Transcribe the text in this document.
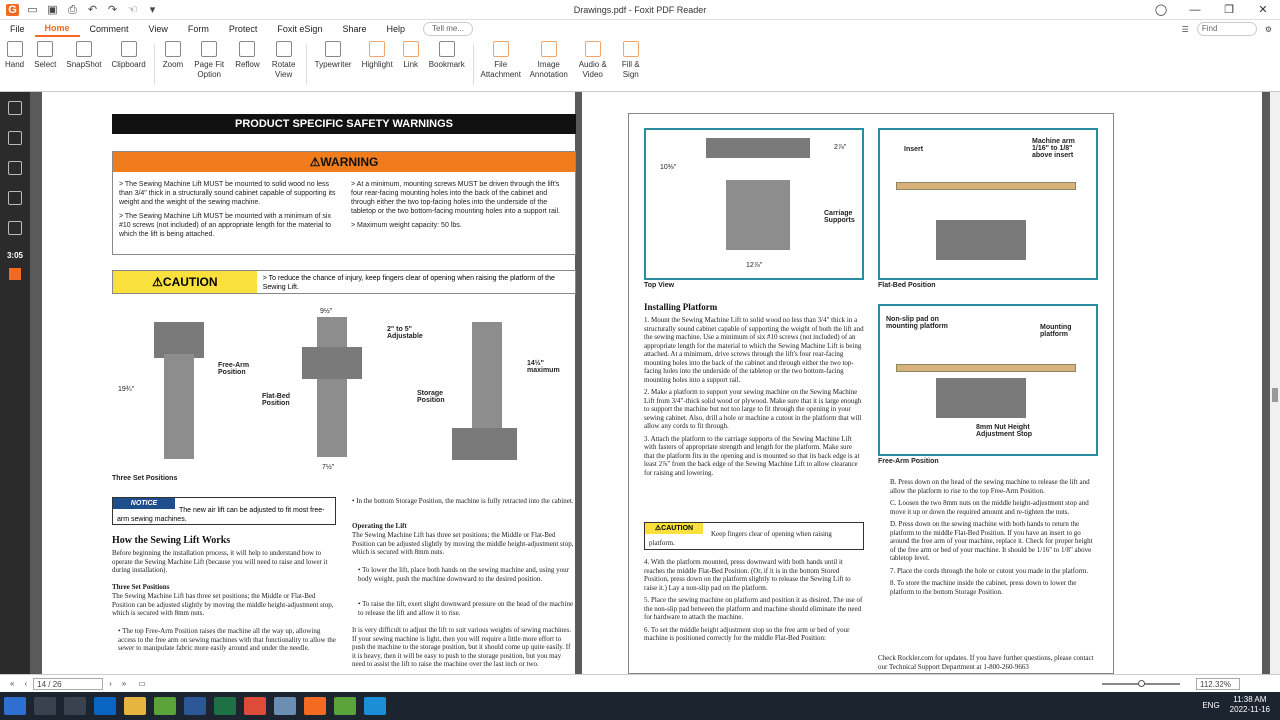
G ▭ ▣ ⎙ ↶ ↷ ☜	▾	Drawings.pdf - Foxit PDF Reader	◯	—	❐	✕
File	Home	Comment	View	Form	Protect	Foxit eSign	Share	Help	Tell me...	☰	Find	⚙
Hand Select SnapShot Clipboard Zoom Page Fit Option
Reflow Rotate View
Typewriter Highlight Link Bookmark	File Attachment
Image Annotation
Audio & Video
Fill & Sign
3:05
PRODUCT SPECIFIC SAFETY WARNINGS
⚠WARNING

> The Sewing Machine Lift MUST be mounted to solid wood no less than 3/4" thick in a structurally sound cabinet capable of supporting its weight and the weight of the sewing machine.

> The Sewing Machine Lift MUST be mounted with a minimum of six #10 screws (not included) of an appropriate length for the material to which the lift is being attached.

> At a minimum, mounting screws MUST be driven through the lift's four rear-facing mounting holes into the back of the cabinet and through either the two top-facing holes into the underside of the tabletop or the two bottom-facing mounting holes into a support rail.

> Maximum weight capacity: 50 lbs.

⚠CAUTION	> To reduce the chance of injury, keep fingers clear of opening when raising the platform of the Sewing Lift.
19¾"
Free-Arm Position
9½"
2" to 5" Adjustable
Flat-Bed Position
7½"
14½" maximum
Storage Position
Three Set Positions
NOTICE
The new air lift can be adjusted to fit most free-arm sewing machines.
How the Sewing Lift Works
Before beginning the installation process, it will help to understand how to operate the Sewing Machine Lift (because you will need to raise and lower it during installation).
Three Set Positions
The Sewing Machine Lift has three set positions; the Middle or Flat-Bed Position can be adjusted slightly by moving the middle height-adjustment stop, which is secured with 8mm nuts.
• The top Free-Arm Position raises the machine all the way up, allowing access to the free arm on sewing machines with that functionality to allow the sewer to manipulate fabric more easily around and under the needle.
• In the bottom Storage Position, the machine is fully retracted into the cabinet.
Operating the Lift
The Sewing Machine Lift has three set positions; the Middle or Flat-Bed Position can be adjusted slightly by moving the middle height-adjustment stop, which is secured with 8mm nuts.
• To lower the lift, place both hands on the sewing machine and, using your body weight, push the machine downward to the desired position.
• To raise the lift, exert slight downward pressure on the head of the machine to release the lift and allow it to rise.
It is very difficult to adjust the lift to suit various weights of sewing machines. If your sewing machine is light, then you will require a little more effort to push the machine to the storage position, but it should come up quite easily. If it is heavy, then it will be easy to push to the storage position, but you may need to assist the lift to raise the machine over the last inch or two.
2⅞"
10⅜"
Carriage Supports
12⅞"
Top View
Insert
Machine arm 1/16" to 1/8" above insert
Flat-Bed Position
Non-slip pad on mounting platform	Mounting platform
8mm Nut Height Adjustment Stop
Free-Arm Position
Installing Platform

1. Mount the Sewing Machine Lift to solid wood no less than 3/4" thick in a structurally sound cabinet capable of supporting the weight of both the lift and the sewing machine. Use a minimum of six #10 screws (not included) of an appropriate length for the material to which the Sewing Machine Lift is being attached. At a minimum, drive screws through the lift's four rear-facing mounting holes into the back of the cabinet and through either the two top-facing holes into the underside of the tabletop or the two bottom-facing mounting holes into a support rail.

2. Make a platform to support your sewing machine on the Sewing Machine Lift from 3/4"-thick solid wood or plywood. Make sure that it is large enough to support the machine but not too large to fit through the opening in your sewing cabinet. Also, drill a hole or machine a cutout in the platform that will allow any cords to fit through.

3. Attach the platform to the carriage supports of the Sewing Machine Lift with fasters of appropriate strength and length for the platform. Make sure that the platform fits in the opening and is mounted so that its back edge is at least 2⅞" from the back edge of the Sewing Machine Lift to allow clearance for raising and lowering.

⚠CAUTION
Keep fingers clear of opening when raising platform.

4. With the platform mounted, press downward with both hands until it reaches the middle Flat-Bed Position. (Or, if it is in the bottom Stored Position, press down on the platform slightly to release the Sewing Lift to raise it.) Lay a non-slip pad on the platform.

5. Place the sewing machine on platform and position it as desired. The use of the non-slip pad between the platform and machine should eliminate the need for hardware to attach the machine.

6. To set the middle height adjustment stop so the free arm or bed of your machine is positioned correctly for the middle Flat-Bed Position:

B. Press down on the head of the sewing machine to release the lift and allow the platform to rise to the top Free-Arm Position.

C. Loosen the two 8mm nuts on the middle height-adjustment stop and move it up or down the required amount and re-tighten the nuts.

D. Press down on the sewing machine with both hands to return the platform to the middle Flat-Bed Position. If you have an insert to go around the free arm of your machine, replace it. Check for proper height of the free arm or bed of your machine. It should be 1/16" to 1/8" above tabletop level.

7. Place the cords through the hole or cutout you made in the platform.

8. To store the machine inside the cabinet, press down to lower the platform to the bottom Storage Position.

Check Rockler.com for updates. If you have further questions, please contact our Technical Support Department at 1-800-260-9663
« ‹	14 / 26	› » ▭	112.32%
ENG
11:38 AM
2022-11-16
